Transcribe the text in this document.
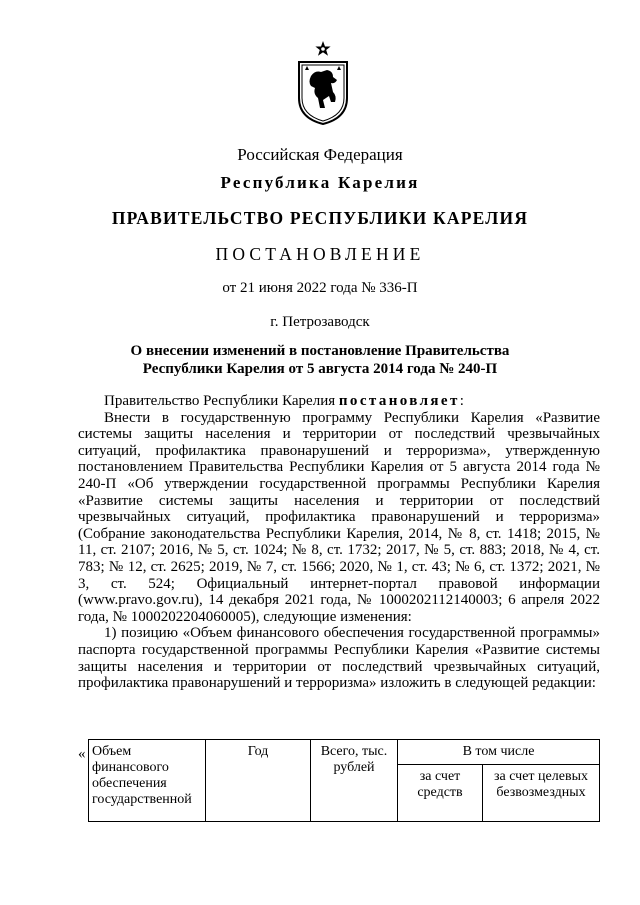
Российская Федерация
Республика Карелия
ПРАВИТЕЛЬСТВО РЕСПУБЛИКИ КАРЕЛИЯ
ПОСТАНОВЛЕНИЕ
от 21 июня 2022 года № 336-П
г. Петрозаводск
О внесении изменений в постановление Правительства
Республики Карелия от 5 августа 2014 года № 240-П

Правительство Республики Карелия постановляет:

Внести в государственную программу Республики Карелия «Развитие системы защиты населения и территории от последствий чрезвычайных ситуаций, профилактика правонарушений и терроризма», утвержденную постановлением Правительства Республики Карелия от 5 августа 2014 года № 240-П «Об утверждении государственной программы Республики Карелия «Развитие системы защиты населения и территории от последствий чрезвычайных ситуаций, профилактика правонарушений и терроризма» (Собрание законодательства Республики Карелия, 2014, № 8, ст. 1418; 2015, № 11, ст. 2107; 2016, № 5, ст. 1024; № 8, ст. 1732; 2017, № 5, ст. 883; 2018, № 4, ст. 783; № 12, ст. 2625; 2019, № 7, ст. 1566; 2020, № 1, ст. 43; № 6, ст. 1372; 2021, № 3, ст. 524; Официальный интернет-портал правовой информации (www.pravo.gov.ru), 14 декабря 2021 года, № 1000202112140003; 6 апреля 2022 года, № 1000202204060005), следующие изменения:

1) позицию «Объем финансового обеспечения государственной программы» паспорта государственной программы Республики Карелия «Развитие системы защиты населения и территории от последствий чрезвычайных ситуаций, профилактика правонарушений и терроризма» изложить в следующей редакции:

« Объем финансового обеспечения государственной	Год	Всего, тыс. рублей	В том числе	
			за счет средств	за счет целевых безвозмездных
